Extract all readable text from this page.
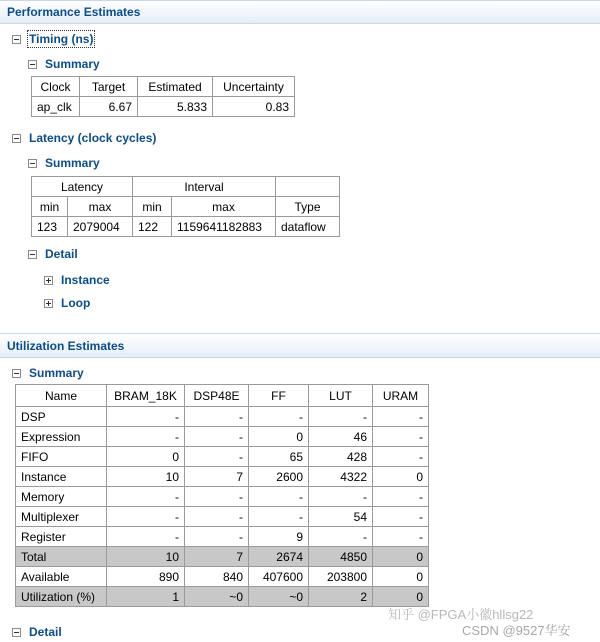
Performance Estimates
Timing (ns)
Summary
Clock	Target	Estimated	Uncertainty
ap_clk	6.67	5.833	0.83
Latency (clock cycles)
Summary
Latency		Interval		
min	max	min	max	Type
123	2079004	122	1159641182883	dataflow
Detail
Instance
Loop
Utilization Estimates
Summary
Name	BRAM_18K	DSP48E	FF	LUT	URAM
DSP	-	-	-	-	-
Expression	-	-	0	46	-
FIFO	0	-	65	428	-
Instance	10	7	2600	4322	0
Memory	-	-	-	-	-
Multiplexer	-	-	-	54	-
Register	-	-	9	-	-
Total	10	7	2674	4850	0
Available	890	840	407600	203800	0
Utilization (%)	1	~0	~0	2	0
Detail
知乎 @FPGA小徽hllsg22
CSDN @9527华安
